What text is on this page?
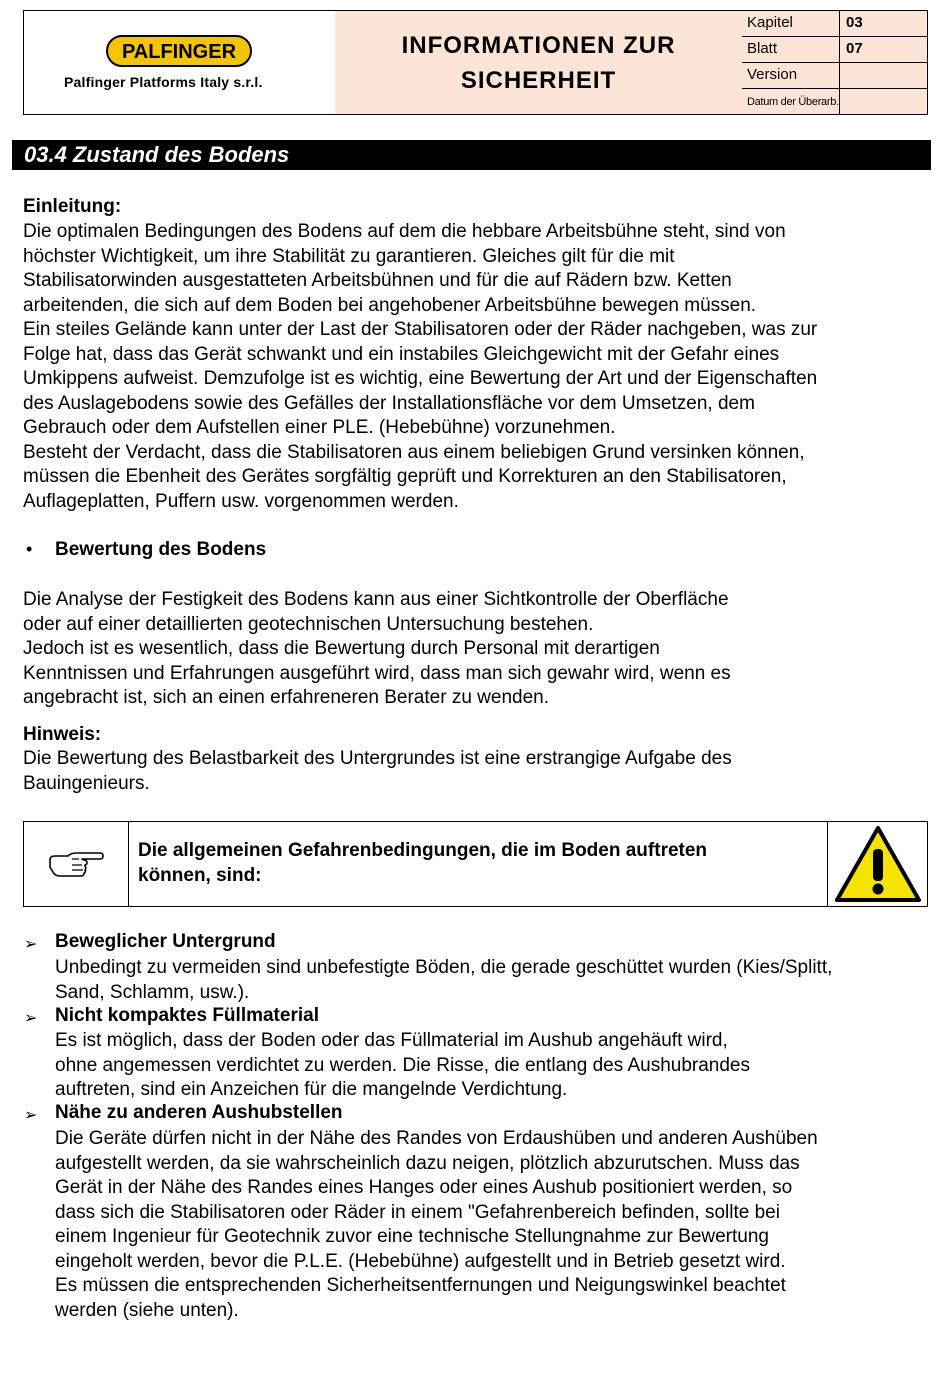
PALFINGER
Palfinger Platforms Italy s.r.l.
INFORMATIONEN ZUR SICHERHEIT
Kapitel	03
Blatt	07
Version
Datum der Überarb.
03.4 Zustand des Bodens
Einleitung:

Die optimalen Bedingungen des Bodens auf dem die hebbare Arbeitsbühne steht, sind von

höchster Wichtigkeit, um ihre Stabilität zu garantieren. Gleiches gilt für die mit

Stabilisatorwinden ausgestatteten Arbeitsbühnen und für die auf Rädern bzw. Ketten

arbeitenden, die sich auf dem Boden bei angehobener Arbeitsbühne bewegen müssen.

Ein steiles Gelände kann unter der Last der Stabilisatoren oder der Räder nachgeben, was zur

Folge hat, dass das Gerät schwankt und ein instabiles Gleichgewicht mit der Gefahr eines

Umkippens aufweist. Demzufolge ist es wichtig, eine Bewertung der Art und der Eigenschaften

des Auslagebodens sowie des Gefälles der Installationsfläche vor dem Umsetzen, dem

Gebrauch oder dem Aufstellen einer PLE. (Hebebühne) vorzunehmen.

Besteht der Verdacht, dass die Stabilisatoren aus einem beliebigen Grund versinken können,

müssen die Ebenheit des Gerätes sorgfältig geprüft und Korrekturen an den Stabilisatoren,

Auflageplatten, Puffern usw. vorgenommen werden.

• Bewertung des Bodens

Die Analyse der Festigkeit des Bodens kann aus einer Sichtkontrolle der Oberfläche

oder auf einer detaillierten geotechnischen Untersuchung bestehen.

Jedoch ist es wesentlich, dass die Bewertung durch Personal mit derartigen

Kenntnissen und Erfahrungen ausgeführt wird, dass man sich gewahr wird, wenn es

angebracht ist, sich an einen erfahreneren Berater zu wenden.

Hinweis:

Die Bewertung des Belastbarkeit des Untergrundes ist eine erstrangige Aufgabe des

Bauingenieurs.

Die allgemeinen Gefahrenbedingungen, die im Boden auftreten

können, sind:

➢ Beweglicher Untergrund

Unbedingt zu vermeiden sind unbefestigte Böden, die gerade geschüttet wurden (Kies/Splitt,

Sand, Schlamm, usw.).

➢ Nicht kompaktes Füllmaterial

Es ist möglich, dass der Boden oder das Füllmaterial im Aushub angehäuft wird,

ohne angemessen verdichtet zu werden. Die Risse, die entlang des Aushubrandes

auftreten, sind ein Anzeichen für die mangelnde Verdichtung.

➢ Nähe zu anderen Aushubstellen

Die Geräte dürfen nicht in der Nähe des Randes von Erdaushüben und anderen Aushüben

aufgestellt werden, da sie wahrscheinlich dazu neigen, plötzlich abzurutschen. Muss das

Gerät in der Nähe des Randes eines Hanges oder eines Aushub positioniert werden, so

dass sich die Stabilisatoren oder Räder in einem "Gefahrenbereich befinden, sollte bei

einem Ingenieur für Geotechnik zuvor eine technische Stellungnahme zur Bewertung

eingeholt werden, bevor die P.L.E. (Hebebühne) aufgestellt und in Betrieb gesetzt wird.

Es müssen die entsprechenden Sicherheitsentfernungen und Neigungswinkel beachtet

werden (siehe unten).
